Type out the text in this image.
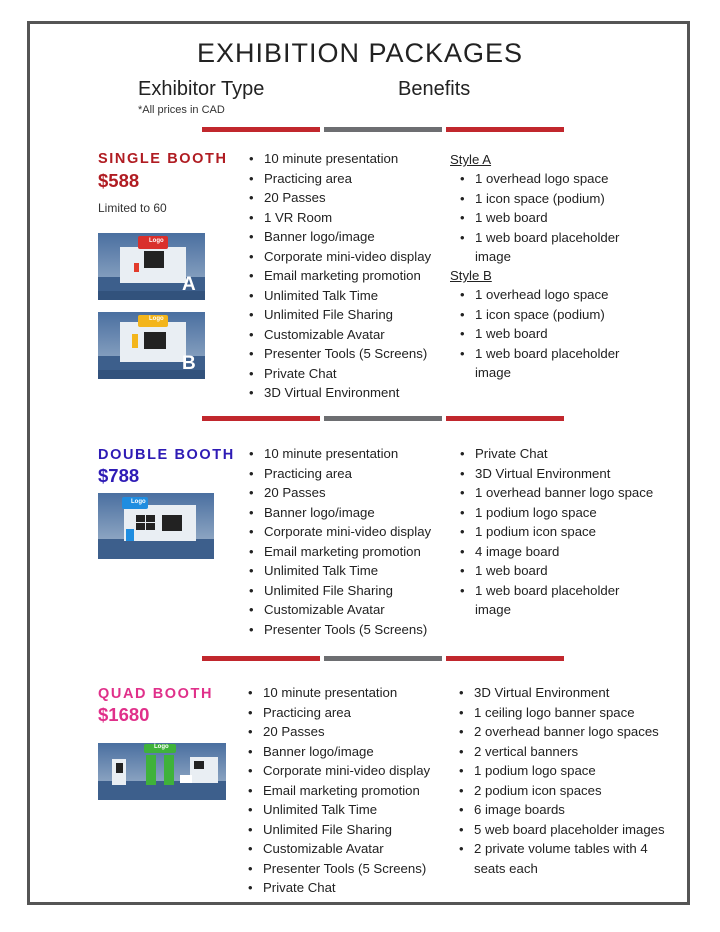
EXHIBITION PACKAGES
Exhibitor Type	Benefits
*All prices in CAD
SINGLE BOOTH
$588
Limited to 60
Logo
A
Logo
B
• 10 minute presentation
• Practicing area
• 20 Passes
• 1 VR Room
• Banner logo/image
• Corporate mini-video display
• Email marketing promotion
• Unlimited Talk Time
• Unlimited File Sharing
• Customizable Avatar
• Presenter Tools (5 Screens)
• Private Chat
• 3D Virtual Environment
Style A
• 1 overhead logo space
• 1 icon space (podium)
• 1 web board
• 1 web board placeholder image
Style B
• 1 overhead logo space
• 1 icon space (podium)
• 1 web board
• 1 web board placeholder image
DOUBLE BOOTH
$788
Logo
• 10 minute presentation
• Practicing area
• 20 Passes
• Banner logo/image
• Corporate mini-video display
• Email marketing promotion
• Unlimited Talk Time
• Unlimited File Sharing
• Customizable Avatar
• Presenter Tools (5 Screens)
• Private Chat
• 3D Virtual Environment
• 1 overhead banner logo space
• 1 podium logo space
• 1 podium icon space
• 4 image board
• 1 web board
• 1 web board placeholder image
QUAD BOOTH
$1680
Logo
• 10 minute presentation
• Practicing area
• 20 Passes
• Banner logo/image
• Corporate mini-video display
• Email marketing promotion
• Unlimited Talk Time
• Unlimited File Sharing
• Customizable Avatar
• Presenter Tools (5 Screens)
• Private Chat
• 3D Virtual Environment
• 1 ceiling logo banner space
• 2 overhead banner logo spaces
• 2 vertical banners
• 1 podium logo space
• 2 podium icon spaces
• 6 image boards
• 5 web board placeholder images
• 2 private volume tables with 4 seats each
